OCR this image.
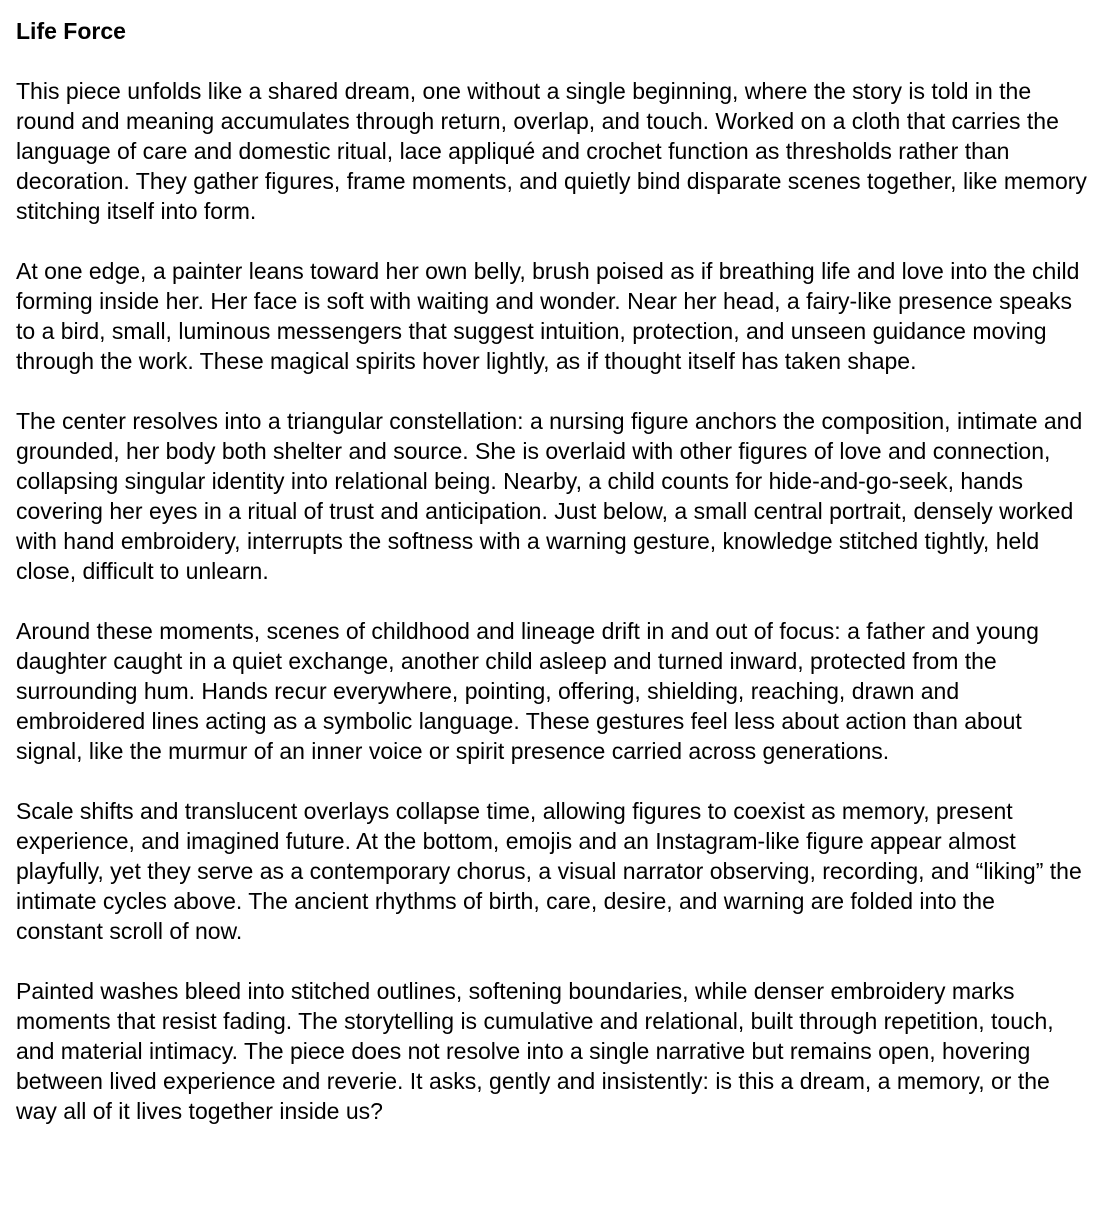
Life Force

This piece unfolds like a shared dream, one without a single beginning, where the story is told in the round and meaning accumulates through return, overlap, and touch. Worked on a cloth that carries the language of care and domestic ritual, lace appliqué and crochet function as thresholds rather than decoration. They gather figures, frame moments, and quietly bind disparate scenes together, like memory stitching itself into form.

At one edge, a painter leans toward her own belly, brush poised as if breathing life and love into the child forming inside her. Her face is soft with waiting and wonder. Near her head, a fairy-like presence speaks to a bird, small, luminous messengers that suggest intuition, protection, and unseen guidance moving through the work. These magical spirits hover lightly, as if thought itself has taken shape.

The center resolves into a triangular constellation: a nursing figure anchors the composition, intimate and grounded, her body both shelter and source. She is overlaid with other figures of love and connection, collapsing singular identity into relational being. Nearby, a child counts for hide-and-go-seek, hands covering her eyes in a ritual of trust and anticipation. Just below, a small central portrait, densely worked with hand embroidery, interrupts the softness with a warning gesture, knowledge stitched tightly, held close, difficult to unlearn.

Around these moments, scenes of childhood and lineage drift in and out of focus: a father and young daughter caught in a quiet exchange, another child asleep and turned inward, protected from the surrounding hum. Hands recur everywhere, pointing, offering, shielding, reaching, drawn and embroidered lines acting as a symbolic language. These gestures feel less about action than about signal, like the murmur of an inner voice or spirit presence carried across generations.

Scale shifts and translucent overlays collapse time, allowing figures to coexist as memory, present experience, and imagined future. At the bottom, emojis and an Instagram-like figure appear almost playfully, yet they serve as a contemporary chorus, a visual narrator observing, recording, and “liking” the intimate cycles above. The ancient rhythms of birth, care, desire, and warning are folded into the constant scroll of now.

Painted washes bleed into stitched outlines, softening boundaries, while denser embroidery marks moments that resist fading. The storytelling is cumulative and relational, built through repetition, touch, and material intimacy. The piece does not resolve into a single narrative but remains open, hovering between lived experience and reverie. It asks, gently and insistently: is this a dream, a memory, or the way all of it lives together inside us?
